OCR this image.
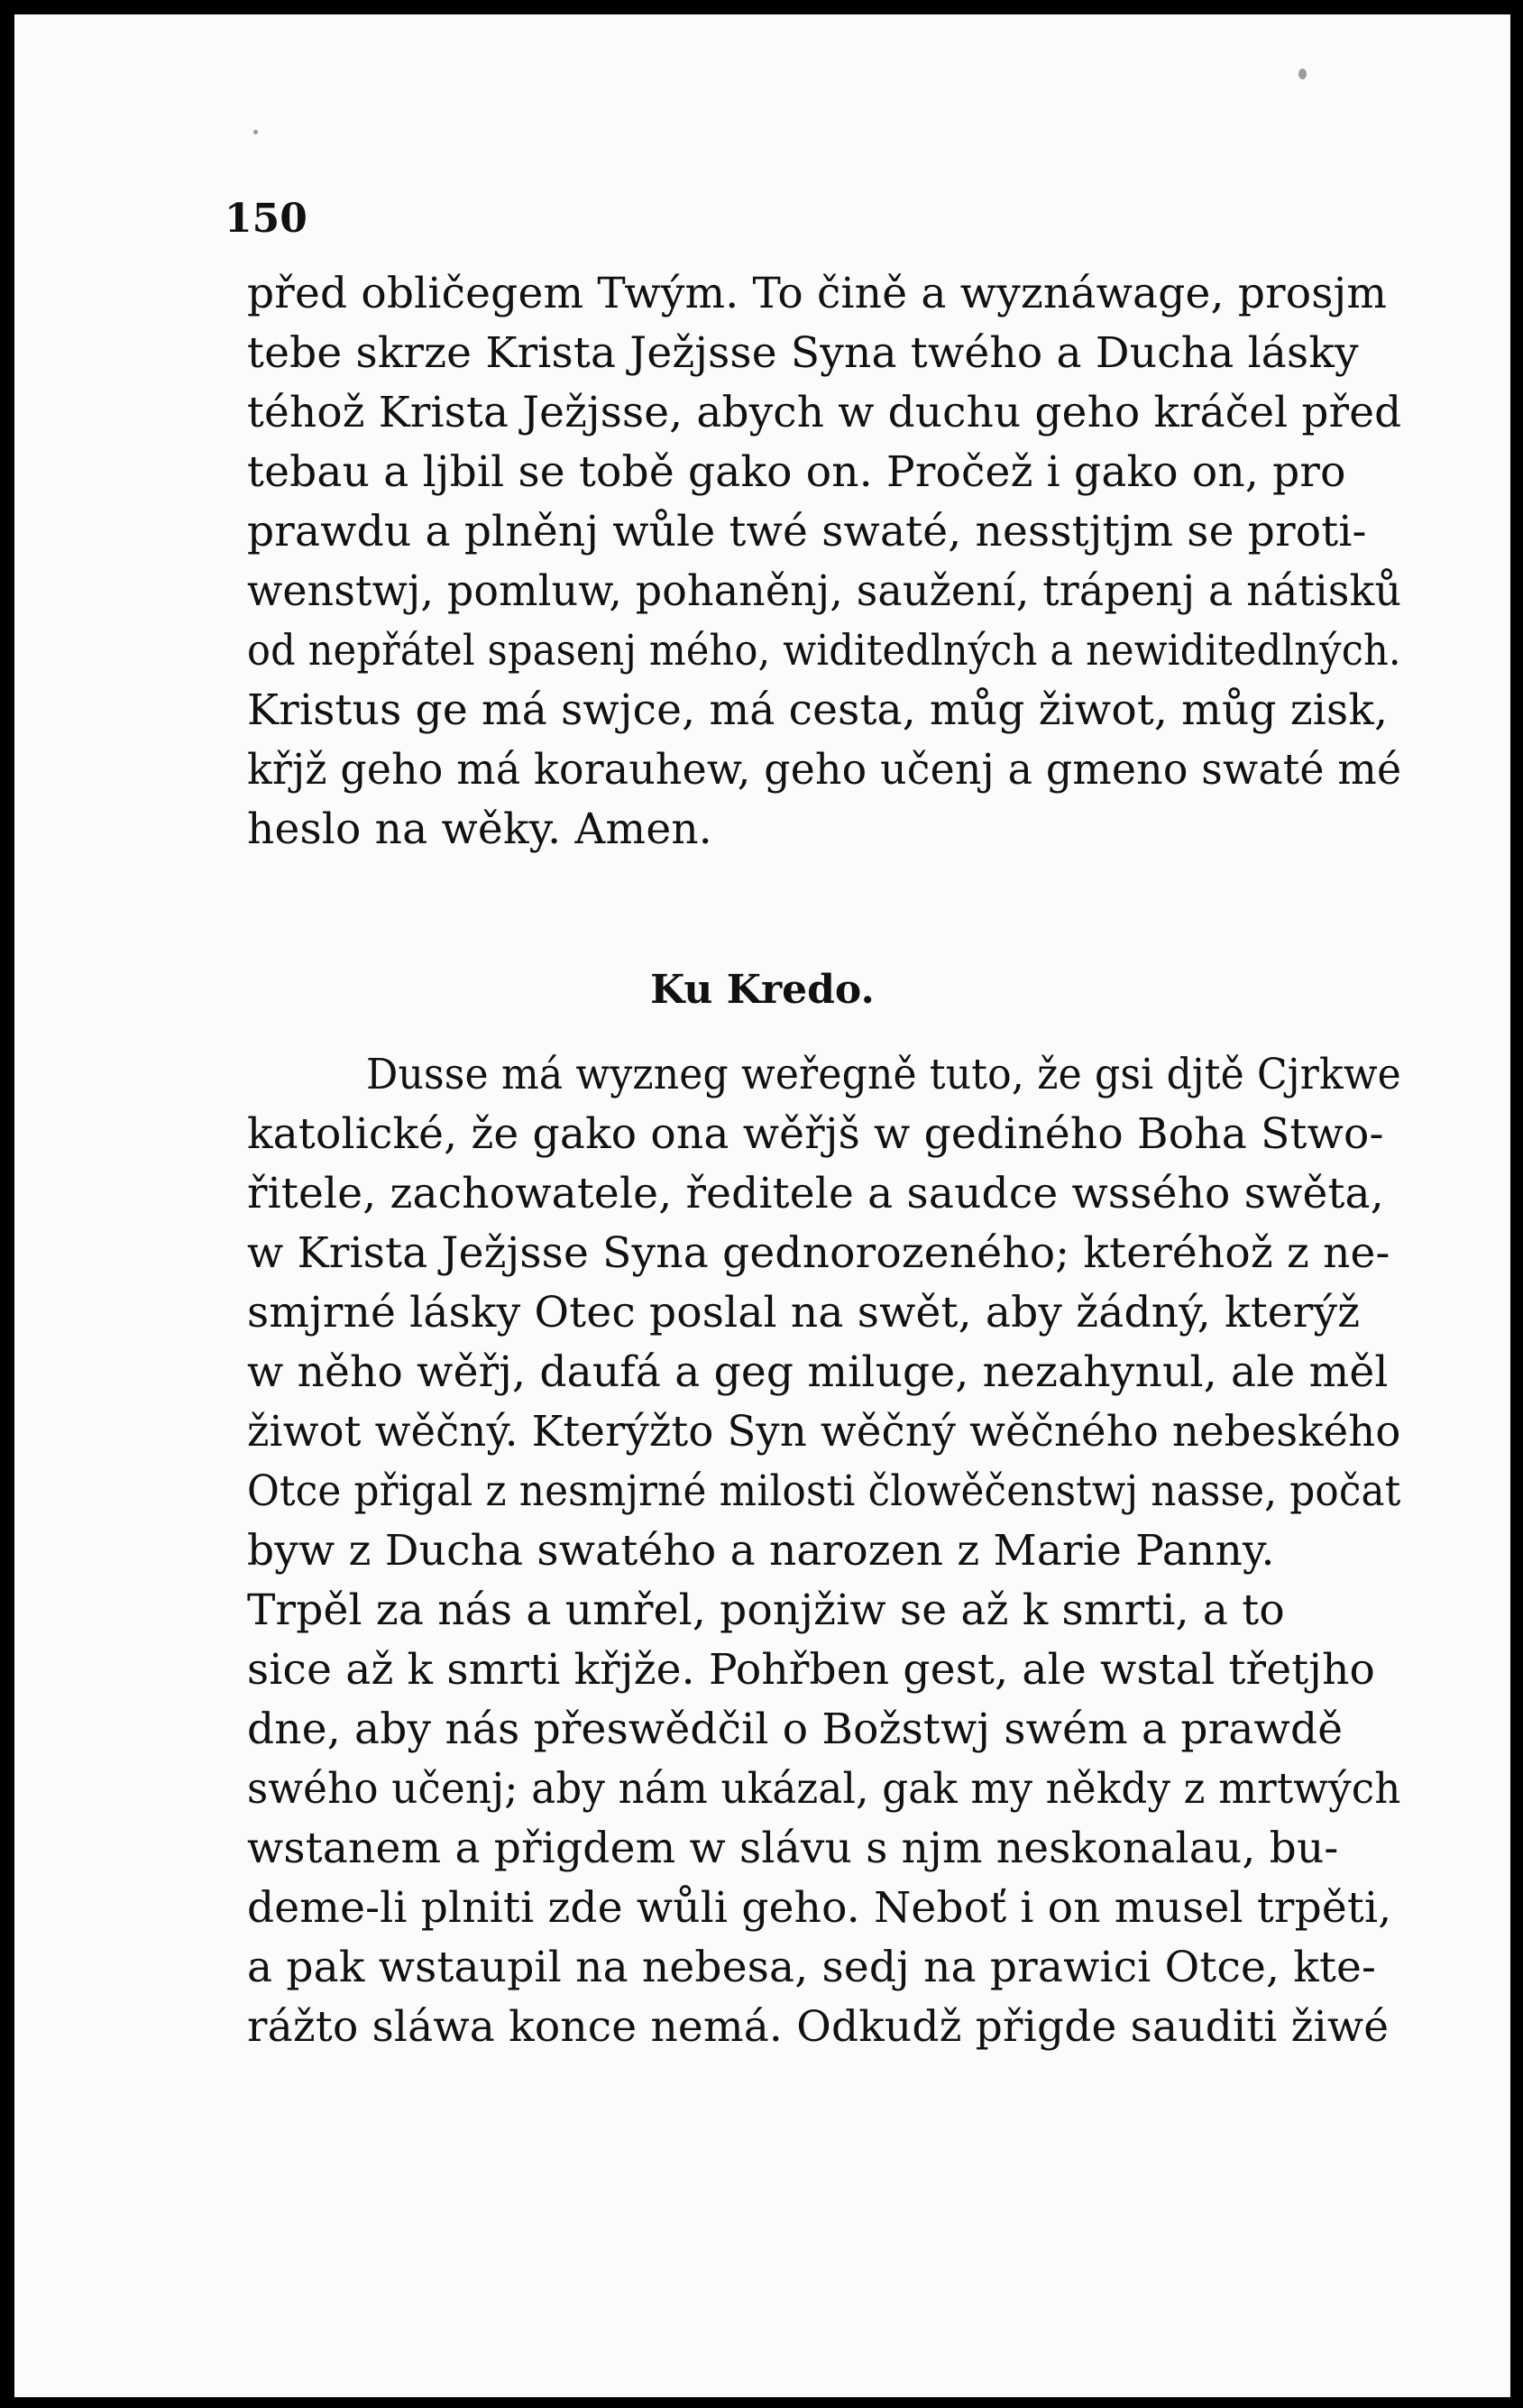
150
před obličegem Twým. To čině a wyznáwage, prosjm
tebe skrze Krista Ježjsse Syna twého a Ducha lásky
téhož Krista Ježjsse, abych w duchu geho kráčel před
tebau a ljbil se tobě gako on. Pročež i gako on, pro
prawdu a plněnj wůle twé swaté, nesstjtjm se proti-
wenstwj, pomluw, pohaněnj, saužení, trápenj a nátisků
od nepřátel spasenj mého, widitedlných a newiditedlných.
Kristus ge má swjce, má cesta, můg žiwot, můg zisk,
křjž geho má korauhew, geho učenj a gmeno swaté mé
heslo na wěky. Amen.
Ku Kredo.
Dusse má wyzneg weřegně tuto, že gsi djtě Cjrkwe
katolické, že gako ona wěřjš w gediného Boha Stwo-
řitele, zachowatele, ředitele a saudce wssého swěta,
w Krista Ježjsse Syna gednorozeného; kteréhož z ne-
smjrné lásky Otec poslal na swět, aby žádný, kterýž
w něho wěřj, daufá a geg miluge, nezahynul, ale měl
žiwot wěčný. Kterýžto Syn wěčný wěčného nebeského
Otce přigal z nesmjrné milosti člowěčenstwj nasse, počat
byw z Ducha swatého a narozen z Marie Panny.
Trpěl za nás a umřel, ponjžiw se až k smrti, a to
sice až k smrti křjže. Pohřben gest, ale wstal třetjho
dne, aby nás přeswědčil o Božstwj swém a prawdě
swého učenj; aby nám ukázal, gak my někdy z mrtwých
wstanem a přigdem w slávu s njm neskonalau, bu-
deme-li plniti zde wůli geho. Neboť i on musel trpěti,
a pak wstaupil na nebesa, sedj na prawici Otce, kte-
rážto sláwa konce nemá. Odkudž přigde sauditi žiwé
